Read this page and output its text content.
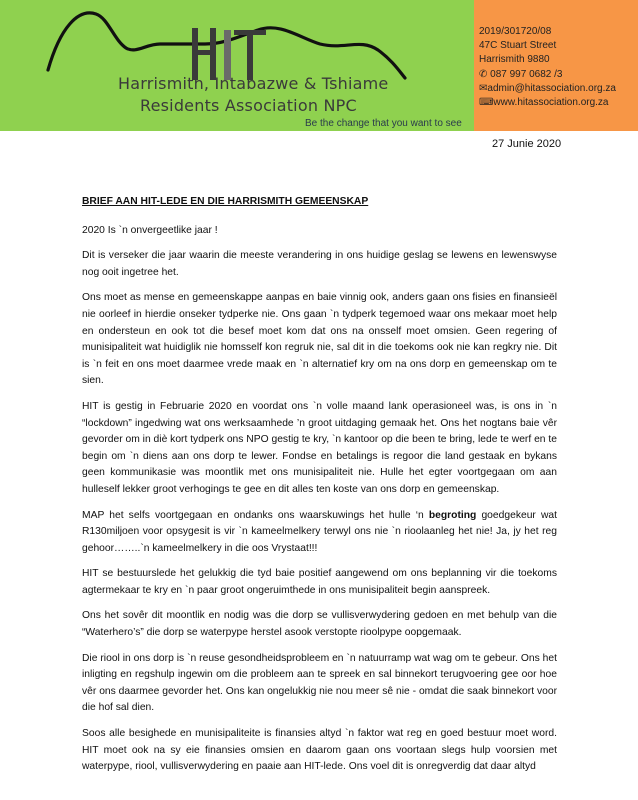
Harrismith, Intabazwe & Tshiame
Residents Association NPC
Be the change that you want to see
2019/301720/08
47C Stuart Street
Harrismith 9880
✆ 087 997 0682 /3
✉admin@hitassociation.org.za
⌨www.hitassociation.org.za
27 Junie 2020

BRIEF AAN HIT-LEDE EN DIE HARRISMITH GEMEENSKAP

2020 Is `n onvergeetlike jaar !

Dit is verseker die jaar waarin die meeste verandering in ons huidige geslag se lewens en lewenswyse nog ooit ingetree het.

Ons moet as mense en gemeenskappe aanpas en baie vinnig ook, anders gaan ons fisies en finansieël nie oorleef in hierdie onseker tydperke nie. Ons gaan `n tydperk tegemoed waar ons mekaar moet help en ondersteun en ook tot die besef moet kom dat ons na onsself moet omsien. Geen regering of munisipaliteit wat huidiglik nie homsself kon regruk nie, sal dit in die toekoms ook nie kan regkry nie. Dit is `n feit en ons moet daarmee vrede maak en `n alternatief kry om na ons dorp en gemeenskap om te sien.

HIT is gestig in Februarie 2020 en voordat ons `n volle maand lank operasioneel was, is ons in `n “lockdown” ingedwing wat ons werksaamhede ’n groot uitdaging gemaak het. Ons het nogtans baie vêr gevorder om in diè kort tydperk ons NPO gestig te kry, `n kantoor op die been te bring, lede te werf en te begin om `n diens aan ons dorp te lewer. Fondse en betalings is regoor die land gestaak en bykans geen kommunikasie was moontlik met ons munisipaliteit nie. Hulle het egter voortgegaan om aan hulleself lekker groot verhogings te gee en dit alles ten koste van ons dorp en gemeenskap.

MAP het selfs voortgegaan en ondanks ons waarskuwings het hulle ‘n begroting goedgekeur wat R130miljoen voor opsygesit is vir `n kameelmelkery terwyl ons nie `n rioolaanleg het nie! Ja, jy het reg gehoor……..`n kameelmelkery in die oos Vrystaat!!!

HIT se bestuurslede het gelukkig die tyd baie positief aangewend om ons beplanning vir die toekoms agtermekaar te kry en `n paar groot ongeruimthede in ons munisipaliteit begin aanspreek.

Ons het sovêr dit moontlik en nodig was die dorp se vullisverwydering gedoen en met behulp van die “Waterhero’s” die dorp se waterpype herstel asook verstopte rioolpype oopgemaak.

Die riool in ons dorp is `n reuse gesondheidsprobleem en `n natuurramp wat wag om te gebeur. Ons het inligting en regshulp ingewin om die probleem aan te spreek en sal binnekort terugvoering gee oor hoe vêr ons daarmee gevorder het. Ons kan ongelukkig nie nou meer sê nie - omdat die saak binnekort voor die hof sal dien.

Soos alle besighede en munisipaliteite is finansies altyd `n faktor wat reg en goed bestuur moet word. HIT moet ook na sy eie finansies omsien en daarom gaan ons voortaan slegs hulp voorsien met waterpype, riool, vullisverwydering en paaie aan HIT-lede. Ons voel dit is onregverdig dat daar altyd
